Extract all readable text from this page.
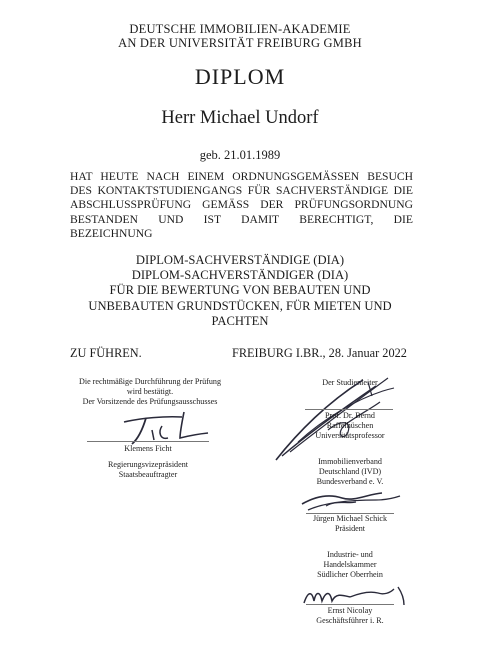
DEUTSCHE IMMOBILIEN-AKADEMIE
AN DER UNIVERSITÄT FREIBURG GMBH
DIPLOM
Herr Michael Undorf
geb. 21.01.1989
HAT HEUTE NACH EINEM ORDNUNGSGEMÄSSEN BESUCH
DES KONTAKTSTUDIENGANGS FÜR SACHVERSTÄNDIGE DIE
ABSCHLUSSPRÜFUNG GEMÄSS DER PRÜFUNGSORDNUNG
BESTANDEN UND IST DAMIT BERECHTIGT, DIE
BEZEICHNUNG
DIPLOM-SACHVERSTÄNDIGE (DIA)
DIPLOM-SACHVERSTÄNDIGER (DIA)
FÜR DIE BEWERTUNG VON BEBAUTEN UND
UNBEBAUTEN GRUNDSTÜCKEN, FÜR MIETEN UND
PACHTEN
ZU FÜHREN.	FREIBURG I.BR., 28. Januar 2022
Die rechtmäßige Durchführung der Prüfung
wird bestätigt.
Der Vorsitzende des Prüfungsausschusses
Klemens Ficht
Regierungsvizepräsident
Staatsbeauftragter
Der Studienleiter
Prof. Dr. Bernd
Raffelhüschen
Universitätsprofessor
Immobilienverband
Deutschland (IVD)
Bundesverband e. V.
Jürgen Michael Schick
Präsident
Industrie- und
Handelskammer
Südlicher Oberrhein
Ernst Nicolay
Geschäftsführer i. R.
